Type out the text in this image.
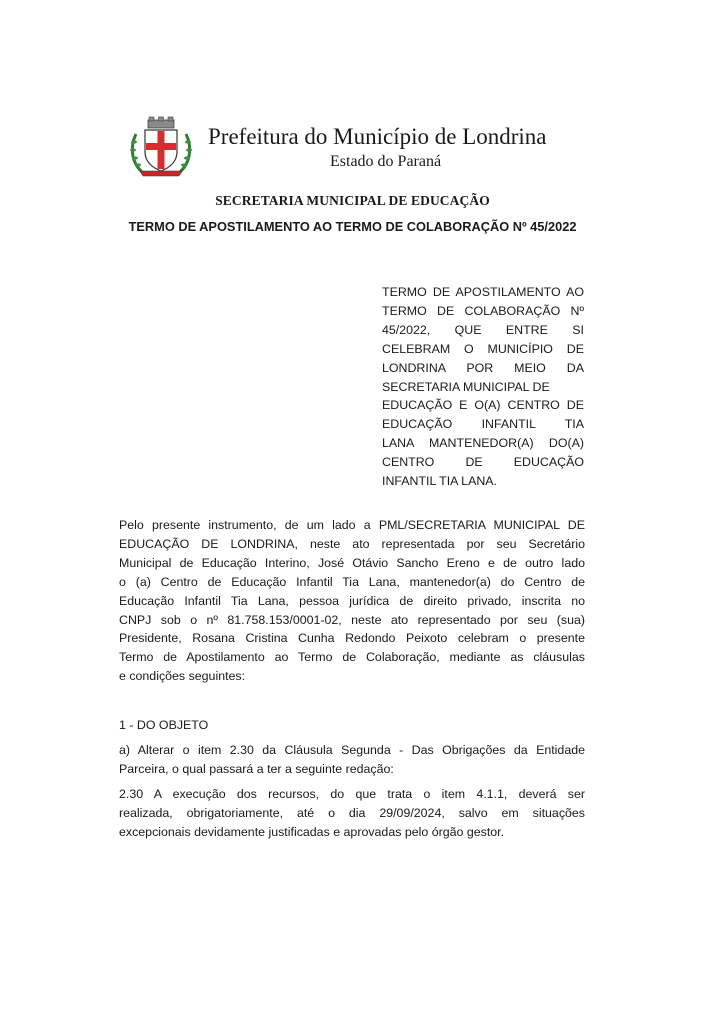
Prefeitura do Município de Londrina
Estado do Paraná
SECRETARIA MUNICIPAL DE EDUCAÇÃO
TERMO DE APOSTILAMENTO AO TERMO DE COLABORAÇÃO Nº 45/2022
TERMO DE APOSTILAMENTO AO
TERMO DE COLABORAÇÃO Nº
45/2022, QUE ENTRE SI
CELEBRAM O MUNICÍPIO DE
LONDRINA POR MEIO DA
SECRETARIA MUNICIPAL DE
EDUCAÇÃO E O(A) CENTRO DE
EDUCAÇÃO INFANTIL TIA
LANA MANTENEDOR(A) DO(A)
CENTRO DE EDUCAÇÃO
INFANTIL TIA LANA.
Pelo presente instrumento, de um lado a PML/SECRETARIA MUNICIPAL DE
EDUCAÇÃO DE LONDRINA, neste ato representada por seu Secretário
Municipal de Educação Interino, José Otávio Sancho Ereno e de outro lado
o (a) Centro de Educação Infantil Tia Lana, mantenedor(a) do Centro de
Educação Infantil Tia Lana, pessoa jurídica de direito privado, inscrita no
CNPJ sob o nº 81.758.153/0001-02, neste ato representado por seu (sua)
Presidente, Rosana Cristina Cunha Redondo Peixoto celebram o presente
Termo de Apostilamento ao Termo de Colaboração, mediante as cláusulas
e condições seguintes:
1 - DO OBJETO
a) Alterar o item 2.30 da Cláusula Segunda - Das Obrigações da Entidade
Parceira, o qual passará a ter a seguinte redação:
2.30 A execução dos recursos, do que trata o item 4.1.1, deverá ser
realizada, obrigatoriamente, até o dia 29/09/2024, salvo em situações
excepcionais devidamente justificadas e aprovadas pelo órgão gestor.
